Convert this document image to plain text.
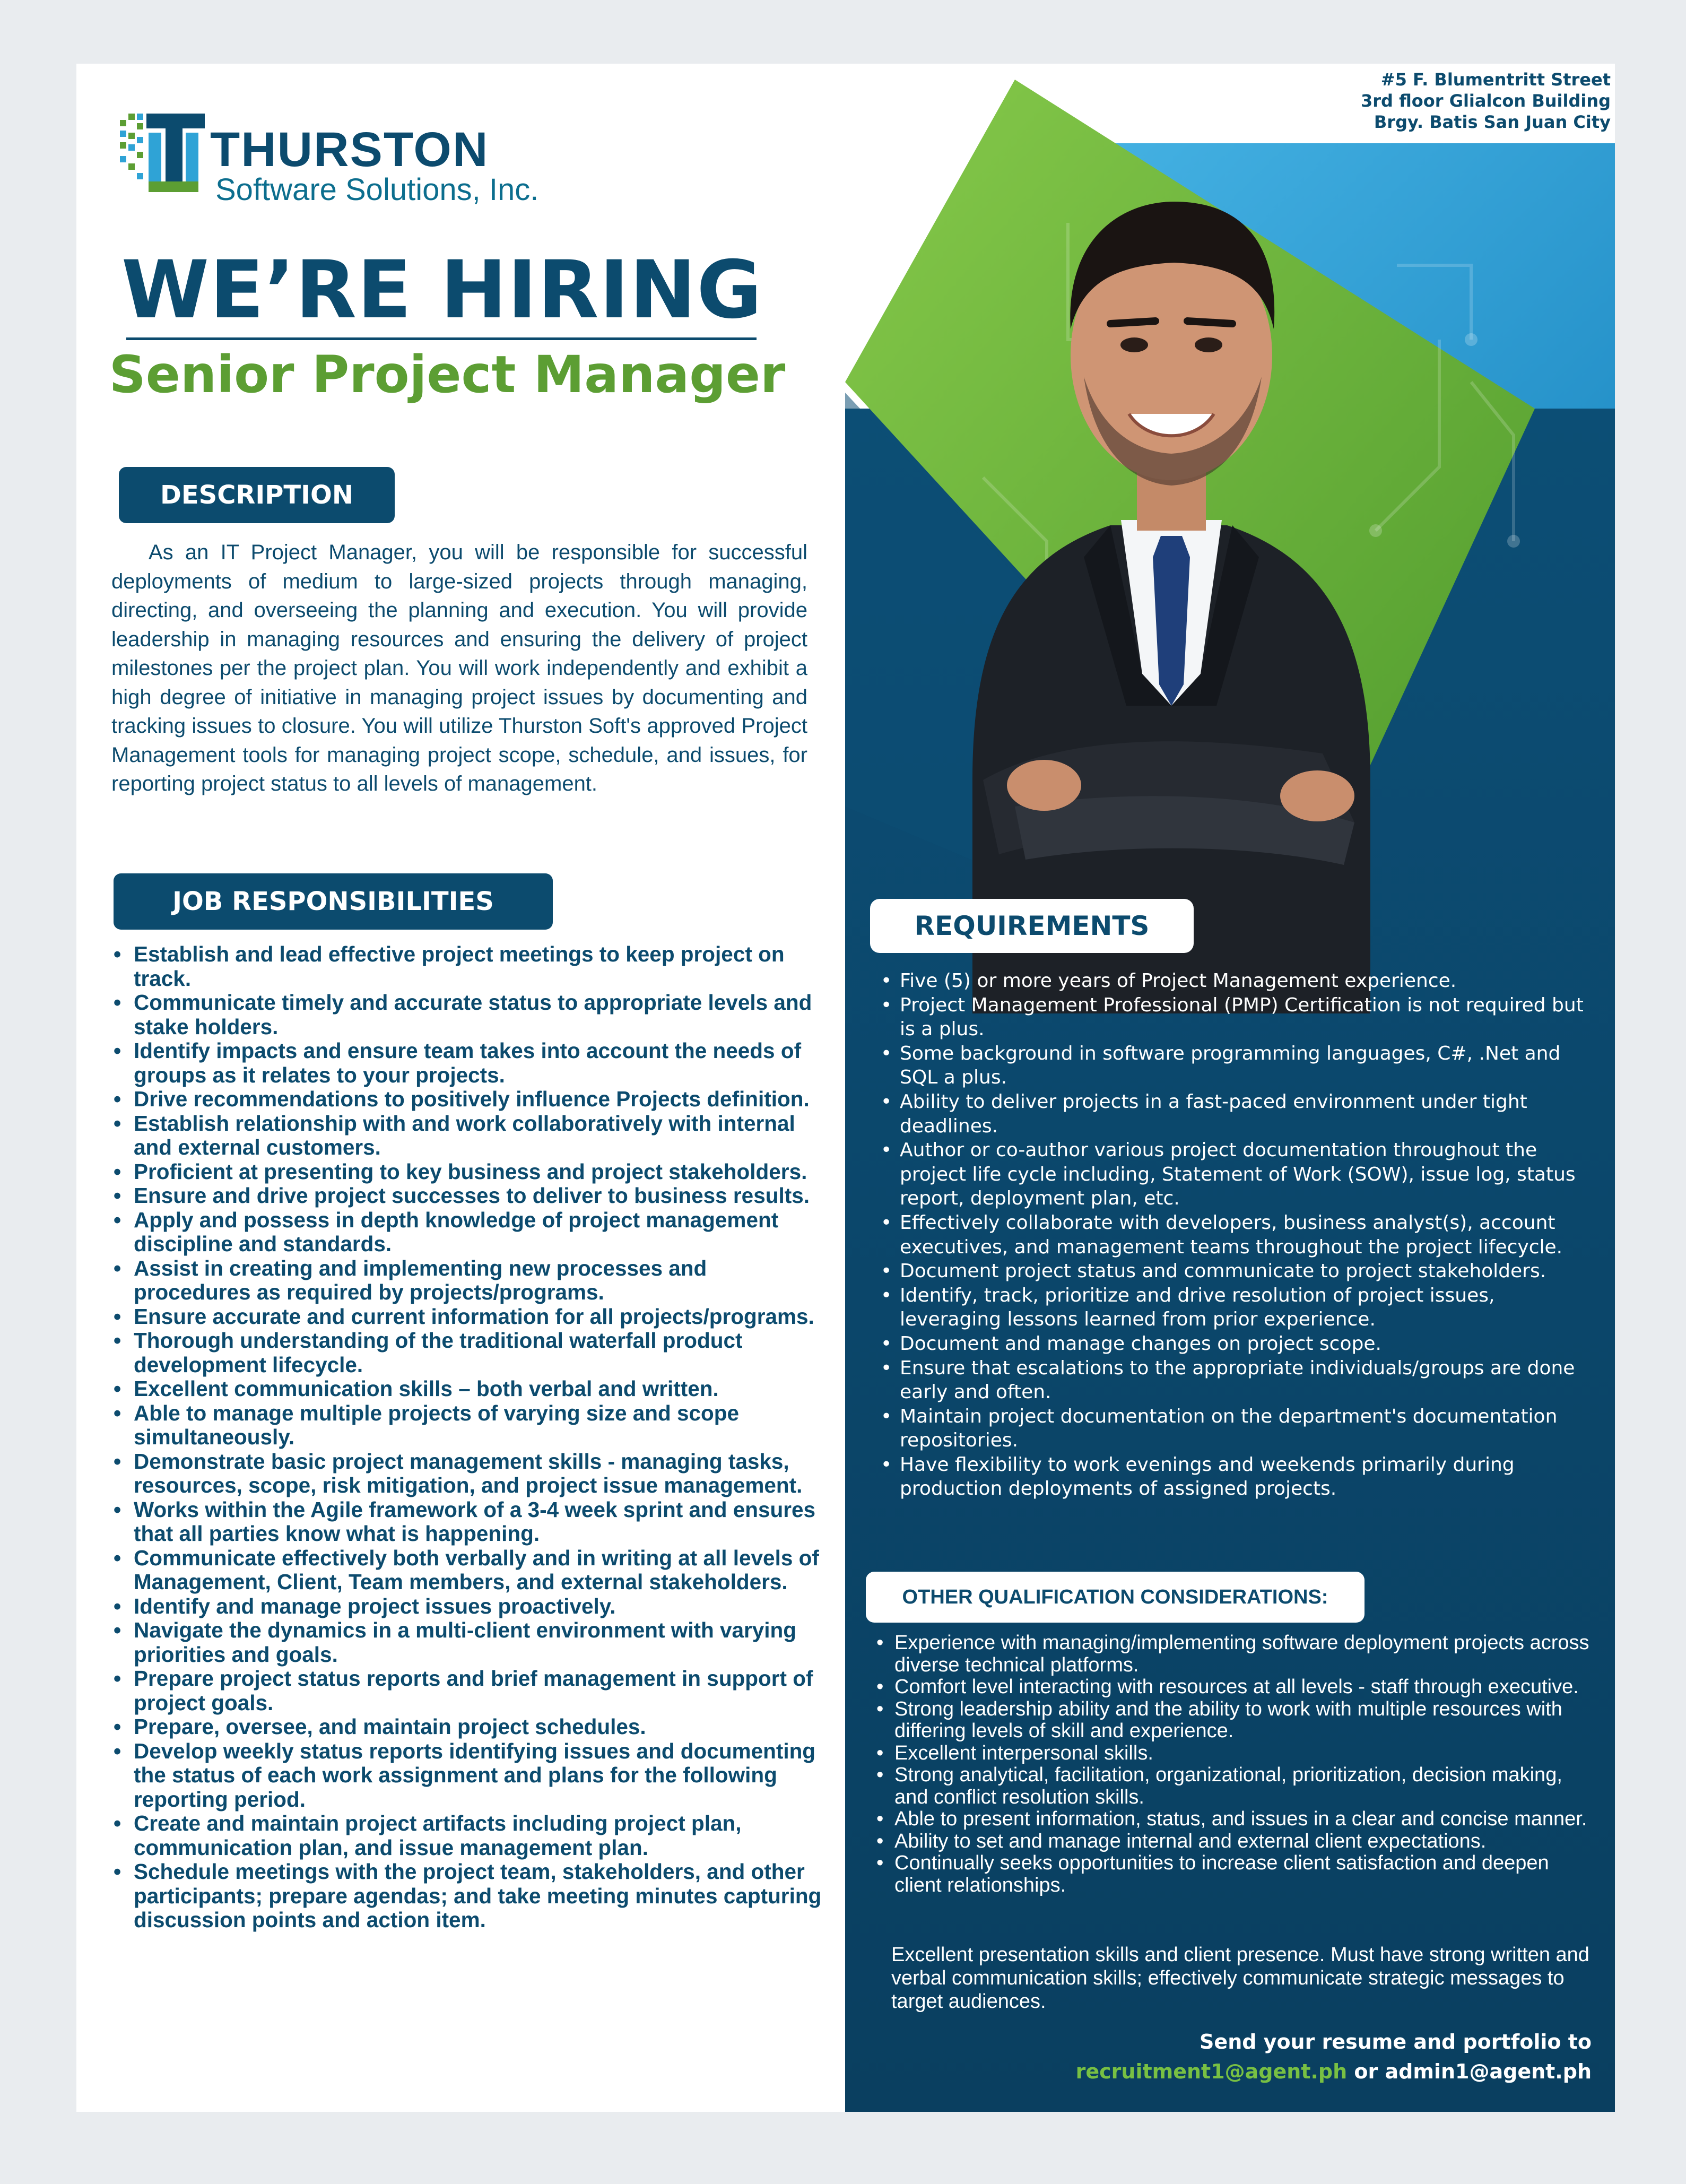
#5 F. Blumentritt Street
3rd floor Glialcon Building
Brgy. Batis San Juan City
THURSTON
Software Solutions, Inc.
WE’RE HIRING
Senior Project Manager
DESCRIPTION

As an IT Project Manager, you will be responsible for successful deployments of medium to large-sized projects through managing, directing, and overseeing the planning and execution. You will provide leadership in managing resources and ensuring the delivery of project milestones per the project plan. You will work independently and exhibit a high degree of initiative in managing project issues by documenting and tracking issues to closure. You will utilize Thurston Soft's approved Project Management tools for managing project scope, schedule, and issues, for reporting project status to all levels of management.

JOB RESPONSIBILITIES
• Establish and lead effective project meetings to keep project on track.
• Communicate timely and accurate status to appropriate levels and stake holders.
• Identify impacts and ensure team takes into account the needs of groups as it relates to your projects.
• Drive recommendations to positively influence Projects definition.
• Establish relationship with and work collaboratively with internal and external customers.
• Proficient at presenting to key business and project stakeholders.
• Ensure and drive project successes to deliver to business results.
• Apply and possess in depth knowledge of project management discipline and standards.
• Assist in creating and implementing new processes and procedures as required by projects/programs.
• Ensure accurate and current information for all projects/programs.
• Thorough understanding of the traditional waterfall product development lifecycle.
• Excellent communication skills – both verbal and written.
• Able to manage multiple projects of varying size and scope simultaneously.
• Demonstrate basic project management skills - managing tasks, resources, scope, risk mitigation, and project issue management.
• Works within the Agile framework of a 3-4 week sprint and ensures that all parties know what is happening.
• Communicate effectively both verbally and in writing at all levels of Management, Client, Team members, and external stakeholders.
• Identify and manage project issues proactively.
• Navigate the dynamics in a multi-client environment with varying priorities and goals.
• Prepare project status reports and brief management in support of project goals.
• Prepare, oversee, and maintain project schedules.
• Develop weekly status reports identifying issues and documenting the status of each work assignment and plans for the following reporting period.
• Create and maintain project artifacts including project plan, communication plan, and issue management plan.
• Schedule meetings with the project team, stakeholders, and other participants; prepare agendas; and take meeting minutes capturing discussion points and action item.
REQUIREMENTS
• Five (5) or more years of Project Management experience.
• Project Management Professional (PMP) Certification is not required but is a plus.
• Some background in software programming languages, C#, .Net and SQL a plus.
• Ability to deliver projects in a fast-paced environment under tight deadlines.
• Author or co-author various project documentation throughout the project life cycle including, Statement of Work (SOW), issue log, status report, deployment plan, etc.
• Effectively collaborate with developers, business analyst(s), account executives, and management teams throughout the project lifecycle.
• Document project status and communicate to project stakeholders.
• Identify, track, prioritize and drive resolution of project issues, leveraging lessons learned from prior experience.
• Document and manage changes on project scope.
• Ensure that escalations to the appropriate individuals/groups are done early and often.
• Maintain project documentation on the department's documentation repositories.
• Have flexibility to work evenings and weekends primarily during production deployments of assigned projects.
OTHER QUALIFICATION CONSIDERATIONS:
• Experience with managing/implementing software deployment projects across diverse technical platforms.
• Comfort level interacting with resources at all levels - staff through executive.
• Strong leadership ability and the ability to work with multiple resources with differing levels of skill and experience.
• Excellent interpersonal skills.
• Strong analytical, facilitation, organizational, prioritization, decision making, and conflict resolution skills.
• Able to present information, status, and issues in a clear and concise manner.
• Ability to set and manage internal and external client expectations.
• Continually seeks opportunities to increase client satisfaction and deepen client relationships.

Excellent presentation skills and client presence. Must have strong written and verbal communication skills; effectively communicate strategic messages to target audiences.

Send your resume and portfolio to
recruitment1@agent.ph or admin1@agent.ph
